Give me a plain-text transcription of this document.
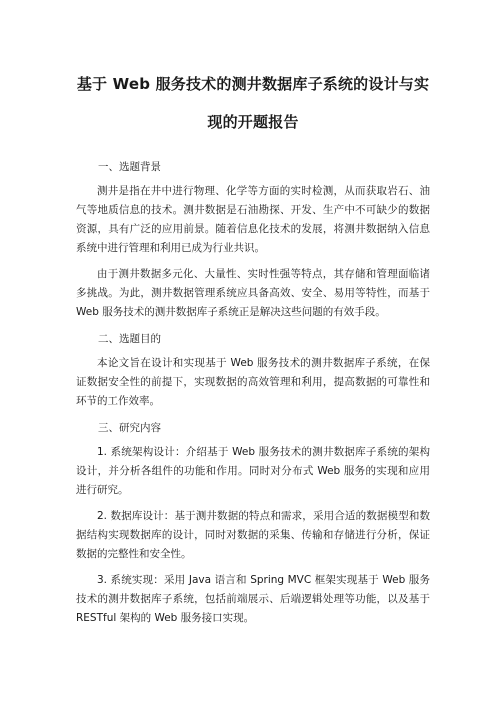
基于 Web 服务技术的测井数据库子系统的设计与实
现的开题报告
一、选题背景

测井是指在井中进行物理、化学等方面的实时检测，从而获取岩石、油气等地质信息的技术。测井数据是石油勘探、开发、生产中不可缺少的数据资源，具有广泛的应用前景。随着信息化技术的发展，将测井数据纳入信息系统中进行管理和利用已成为行业共识。

由于测井数据多元化、大量性、实时性强等特点，其存储和管理面临诸多挑战。为此，测井数据管理系统应具备高效、安全、易用等特性，而基于 Web 服务技术的测井数据库子系统正是解决这些问题的有效手段。

二、选题目的

本论文旨在设计和实现基于 Web 服务技术的测井数据库子系统，在保证数据安全性的前提下，实现数据的高效管理和利用，提高数据的可靠性和环节的工作效率。

三、研究内容

1. 系统架构设计：介绍基于 Web 服务技术的测井数据库子系统的架构设计，并分析各组件的功能和作用。同时对分布式 Web 服务的实现和应用进行研究。

2. 数据库设计：基于测井数据的特点和需求，采用合适的数据模型和数据结构实现数据库的设计，同时对数据的采集、传输和存储进行分析，保证数据的完整性和安全性。

3. 系统实现：采用 Java 语言和 Spring MVC 框架实现基于 Web 服务技术的测井数据库子系统，包括前端展示、后端逻辑处理等功能，以及基于 RESTful 架构的 Web 服务接口实现。
